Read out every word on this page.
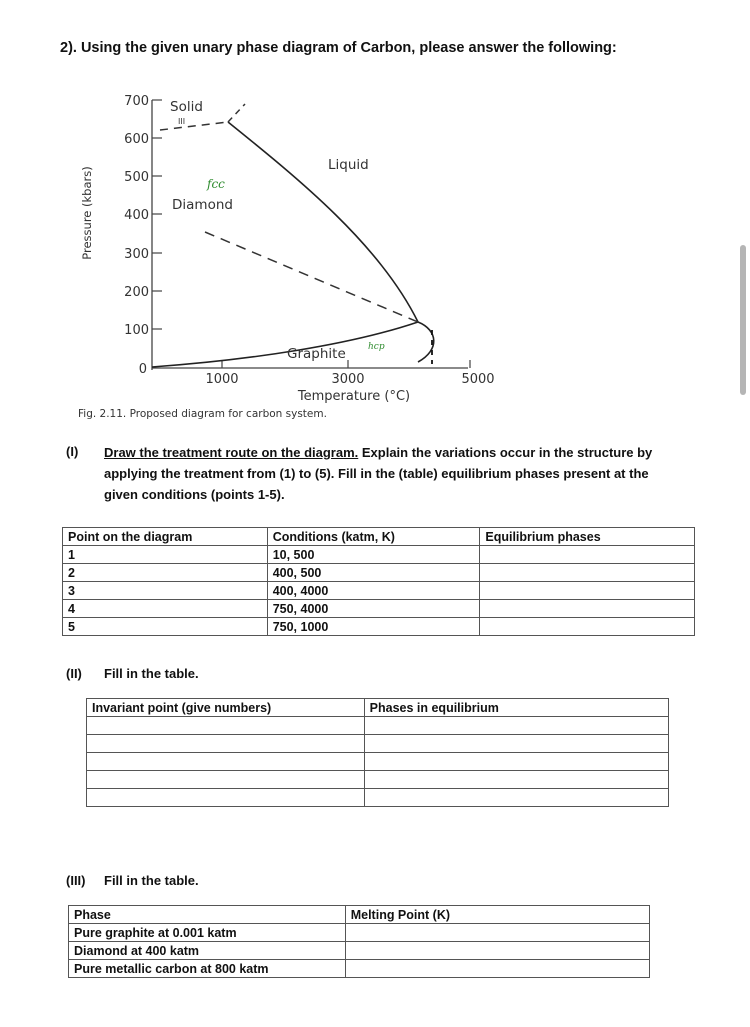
2). Using the given unary phase diagram of Carbon, please answer the following:
700
600
500
400
300
200
100
0
Pressure (kbars)
1000	3000	5000
Temperature (°C)
Solid
III
Liquid
Diamond
Graphite
fcc
hcp
Fig. 2.11. Proposed diagram for carbon system.
(I) Draw the treatment route on the diagram. Explain the variations occur in the structure by applying the treatment from (1) to (5). Fill in the (table) equilibrium phases present at the given conditions (points 1-5).
Point on the diagram	Conditions (katm, K)	Equilibrium phases
1	10, 500	
2	400, 500	
3	400, 4000	
4	750, 4000	
5	750, 1000	
(II) Fill in the table.
Invariant point (give numbers)	Phases in equilibrium

(III) Fill in the table.
Phase	Melting Point (K)
Pure graphite at 0.001 katm	
Diamond at 400 katm	
Pure metallic carbon at 800 katm	
